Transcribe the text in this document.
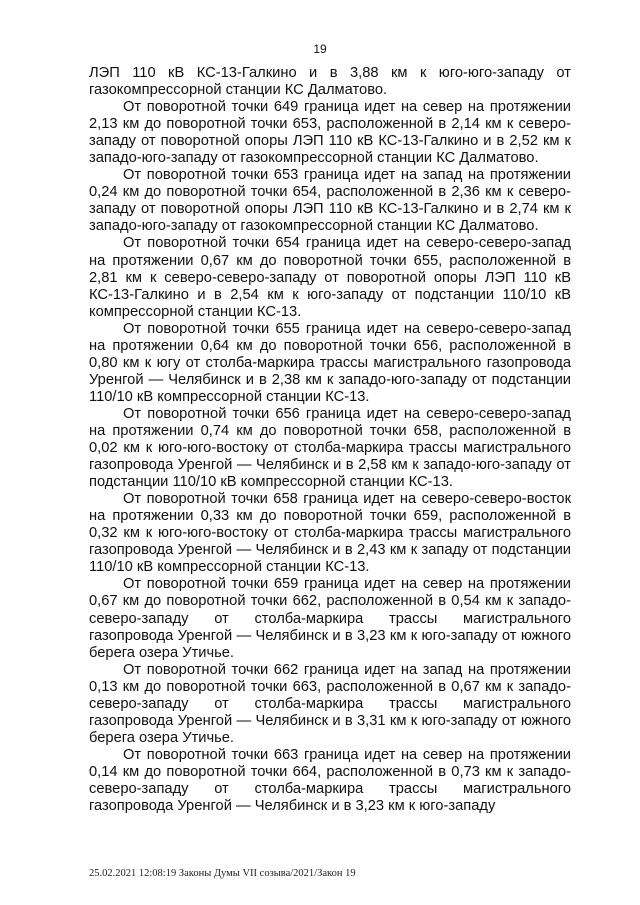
19

ЛЭП 110 кВ КС-13-Галкино и в 3,88 км к юго-юго-западу от газокомпрессорной станции КС Далматово.

От поворотной точки 649 граница идет на север на протяжении 2,13 км до поворотной точки 653, расположенной в 2,14 км к северо-западу от поворотной опоры ЛЭП 110 кВ КС-13-Галкино и в 2,52 км к западо-юго-западу от газокомпрессорной станции КС Далматово.

От поворотной точки 653 граница идет на запад на протяжении 0,24 км до поворотной точки 654, расположенной в 2,36 км к северо-западу от поворотной опоры ЛЭП 110 кВ КС-13-Галкино и в 2,74 км к западо-юго-западу от газокомпрессорной станции КС Далматово.

От поворотной точки 654 граница идет на северо-северо-запад на протяжении 0,67 км до поворотной точки 655, расположенной в 2,81 км к северо-северо-западу от поворотной опоры ЛЭП 110 кВ КС-13-Галкино и в 2,54 км к юго-западу от подстанции 110/10 кВ компрессорной станции КС-13.

От поворотной точки 655 граница идет на северо-северо-запад на протяжении 0,64 км до поворотной точки 656, расположенной в 0,80 км к югу от столба-маркира трассы магистрального газопровода Уренгой — Челябинск и в 2,38 км к западо-юго-западу от подстанции 110/10 кВ компрессорной станции КС-13.

От поворотной точки 656 граница идет на северо-северо-запад на протяжении 0,74 км до поворотной точки 658, расположенной в 0,02 км к юго-юго-востоку от столба-маркира трассы магистрального газопровода Уренгой — Челябинск и в 2,58 км к западо-юго-западу от подстанции 110/10 кВ компрессорной станции КС-13.

От поворотной точки 658 граница идет на северо-северо-восток на протяжении 0,33 км до поворотной точки 659, расположенной в 0,32 км к юго-юго-востоку от столба-маркира трассы магистрального газопровода Уренгой — Челябинск и в 2,43 км к западу от подстанции 110/10 кВ компрессорной станции КС-13.

От поворотной точки 659 граница идет на север на протяжении 0,67 км до поворотной точки 662, расположенной в 0,54 км к западо-северо-западу от столба-маркира трассы магистрального газопровода Уренгой — Челябинск и в 3,23 км к юго-западу от южного берега озера Утичье.

От поворотной точки 662 граница идет на запад на протяжении 0,13 км до поворотной точки 663, расположенной в 0,67 км к западо-северо-западу от столба-маркира трассы магистрального газопровода Уренгой — Челябинск и в 3,31 км к юго-западу от южного берега озера Утичье.

От поворотной точки 663 граница идет на север на протяжении 0,14 км до поворотной точки 664, расположенной в 0,73 км к западо-северо-западу от столба-маркира трассы магистрального газопровода Уренгой — Челябинск и в 3,23 км к юго-западу

25.02.2021 12:08:19 Законы Думы VII созыва/2021/Закон 19
